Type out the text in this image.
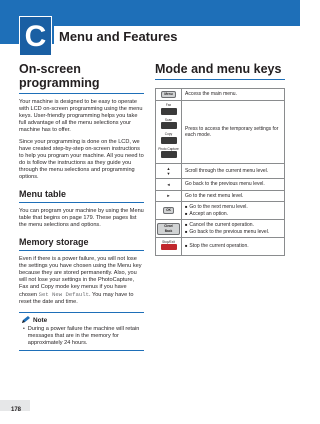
C Menu and Features
On-screen programming
Your machine is designed to be easy to operate with LCD on-screen programming using the menu keys. User-friendly programming helps you take full advantage of all the menu selections your machine has to offer.
Since your programming is done on the LCD, we have created step-by-step on-screen instructions to help you program your machine. All you need to do is follow the instructions as they guide you through the menu selections and programming options.
Menu table
You can program your machine by using the Menu table that begins on page 179. These pages list the menu selections and options.
Memory storage
Even if there is a power failure, you will not lose the settings you have chosen using the Menu key because they are stored permanently. Also, you will not lose your settings in the PhotoCapture, Fax and Copy mode key menus if you have chosen Set New Default. You may have to reset the date and time.
Note
• During a power failure the machine will retain messages that are in the memory for approximately 24 hours.
Mode and menu keys
Menu	Access the main menu.

Fax
Scan
Copy
Photo Capture	Press to access the temporary settings for each mode.

▲
▼	Scroll through the current menu level.

◄	Go back to the previous menu level.

►	Go to the next menu level.
OK	■ Go to the next menu level.
■ Accept an option.

Clear/ Back	■ Cancel the current operation.
■ Go back to the previous menu level.

Stop/Exit	■ Stop the current operation.
178
